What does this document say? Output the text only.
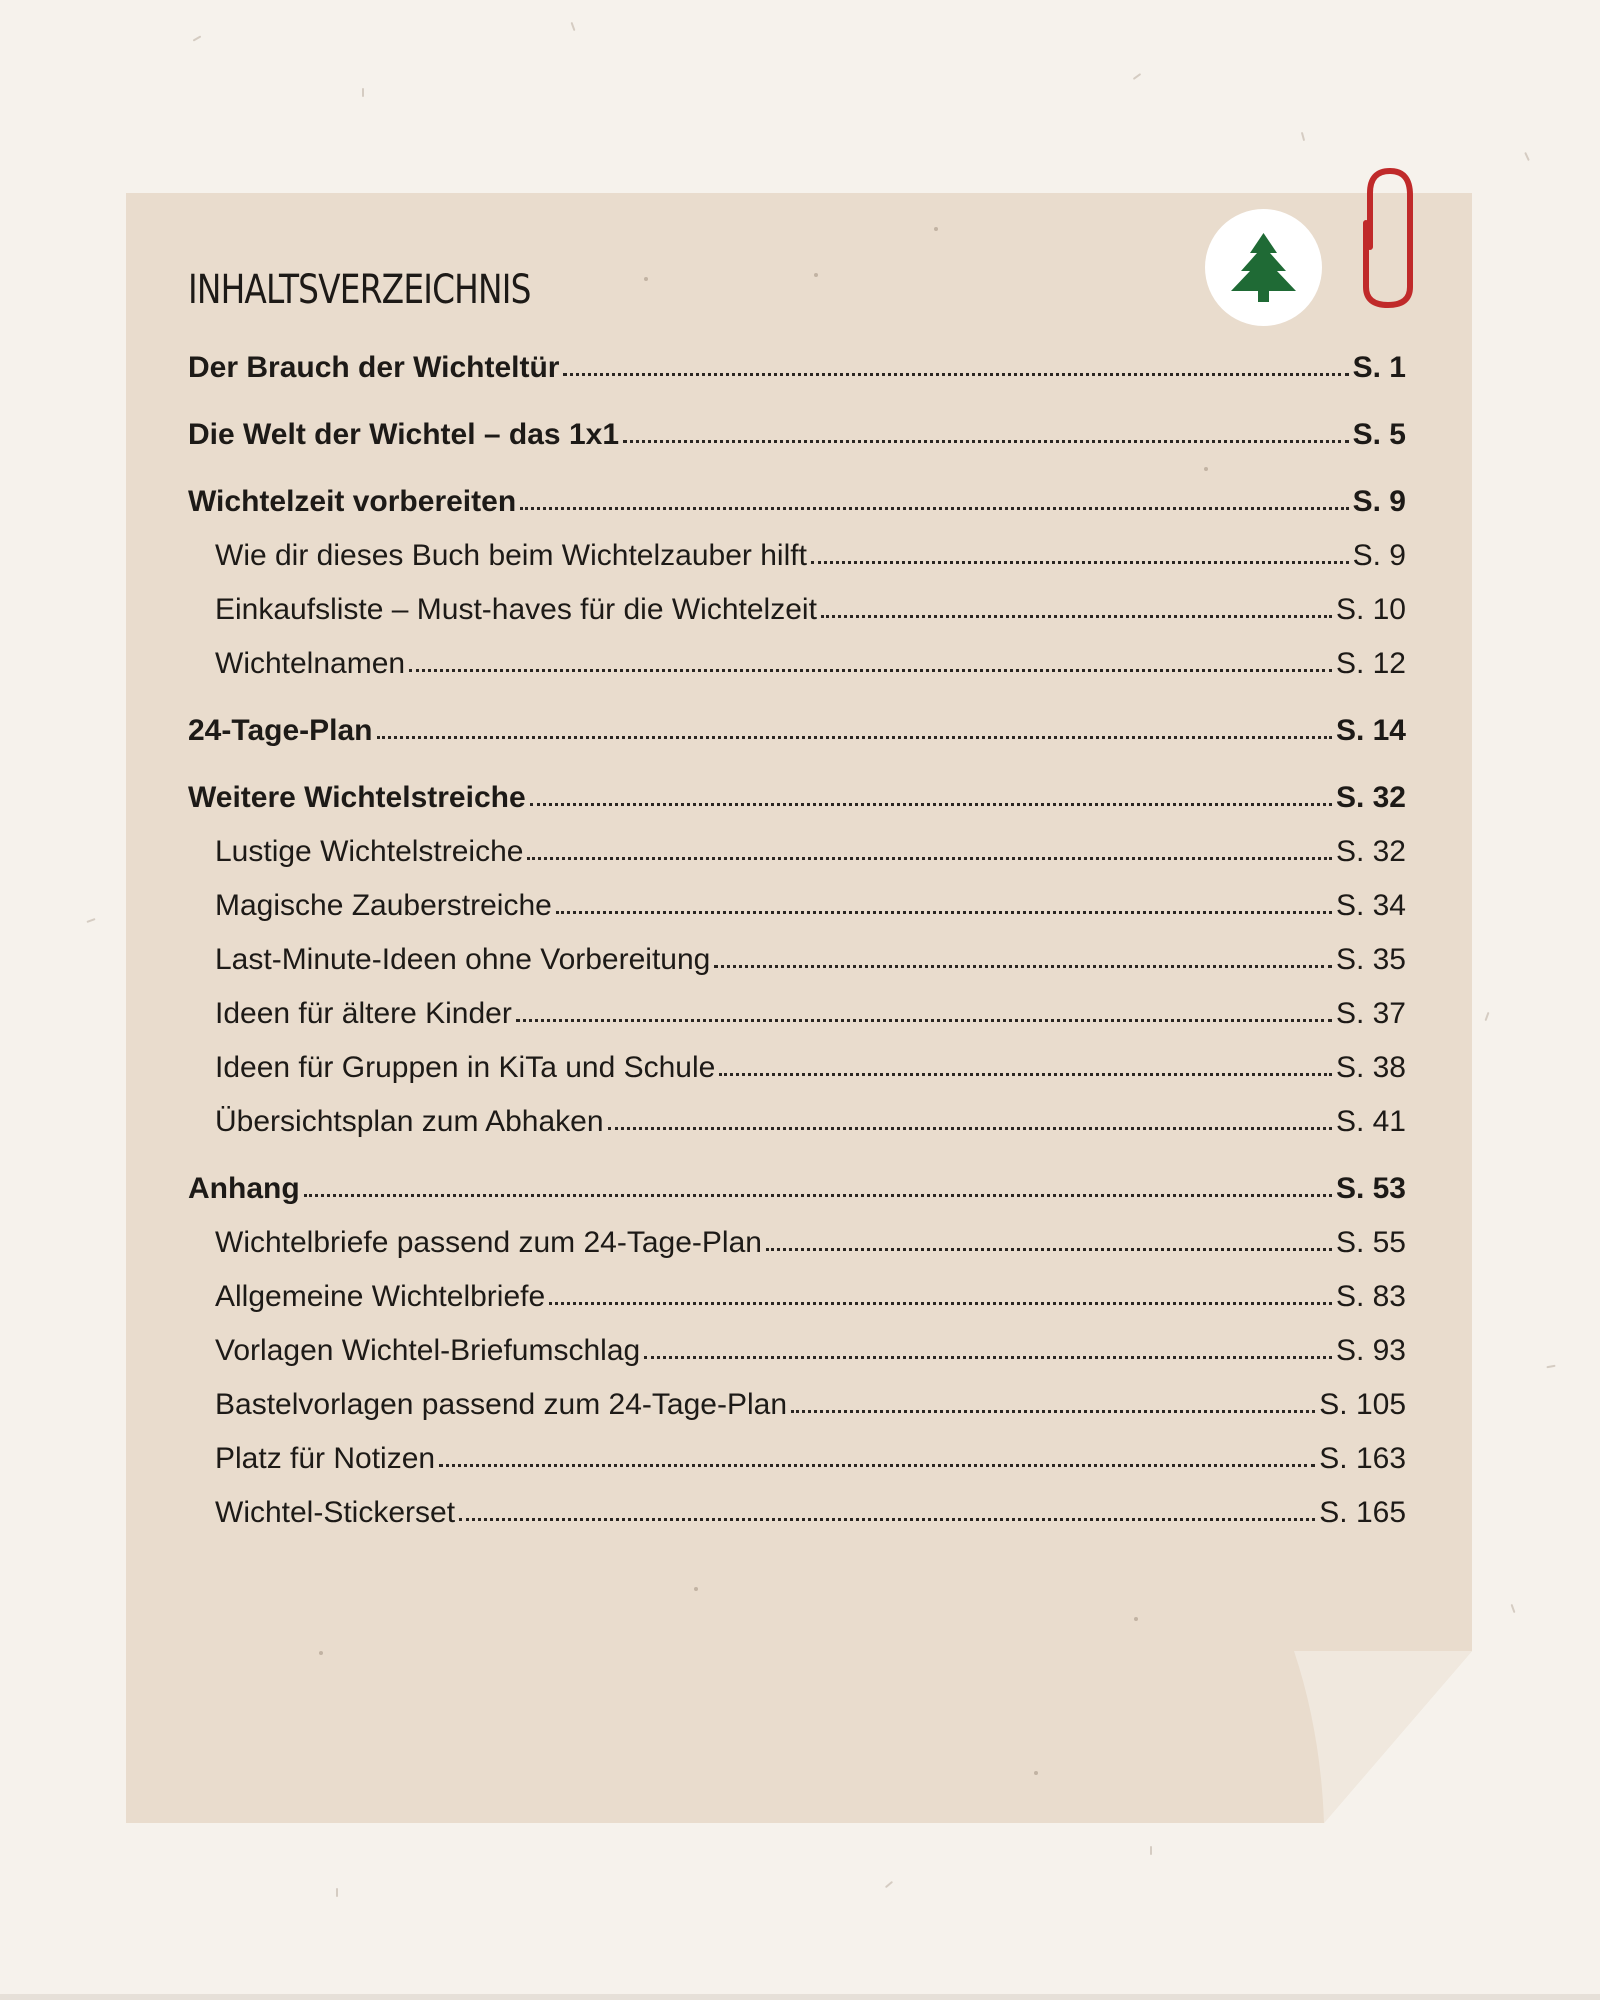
INHALTSVERZEICHNIS
Der Brauch der Wichteltür	S. 1
Die Welt der Wichtel – das 1x1	S. 5
Wichtelzeit vorbereiten	S. 9
Wie dir dieses Buch beim Wichtelzauber hilft	S. 9
Einkaufsliste – Must-haves für die Wichtelzeit	S. 10
Wichtelnamen	S. 12
24-Tage-Plan	S. 14
Weitere Wichtelstreiche	S. 32
Lustige Wichtelstreiche	S. 32
Magische Zauberstreiche	S. 34
Last-Minute-Ideen ohne Vorbereitung	S. 35
Ideen für ältere Kinder	S. 37
Ideen für Gruppen in KiTa und Schule	S. 38
Übersichtsplan zum Abhaken	S. 41
Anhang	S. 53
Wichtelbriefe passend zum 24-Tage-Plan	S. 55
Allgemeine Wichtelbriefe	S. 83
Vorlagen Wichtel-Briefumschlag	S. 93
Bastelvorlagen passend zum 24-Tage-Plan	S. 105
Platz für Notizen	S. 163
Wichtel-Stickerset	S. 165
